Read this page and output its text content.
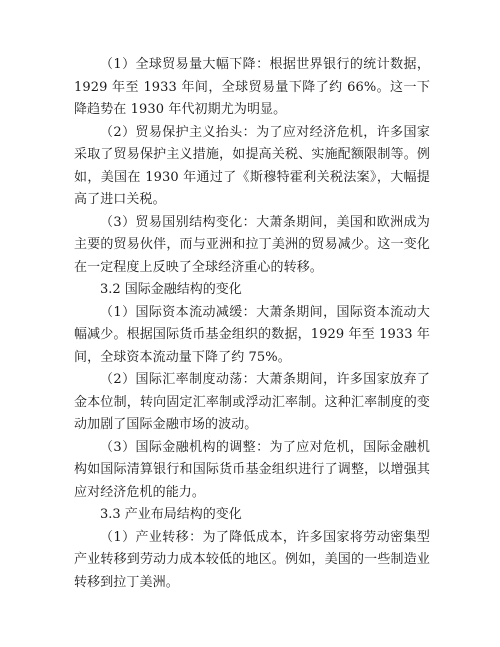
（1）全球贸易量大幅下降：根据世界银行的统计数据，1929 年至 1933 年间，全球贸易量下降了约 66%。这一下降趋势在 1930 年代初期尤为明显。

（2）贸易保护主义抬头：为了应对经济危机，许多国家采取了贸易保护主义措施，如提高关税、实施配额限制等。例如，美国在 1930 年通过了《斯穆特霍利关税法案》，大幅提高了进口关税。

（3）贸易国别结构变化：大萧条期间，美国和欧洲成为主要的贸易伙伴，而与亚洲和拉丁美洲的贸易减少。这一变化在一定程度上反映了全球经济重心的转移。

3.2 国际金融结构的变化

（1）国际资本流动减缓：大萧条期间，国际资本流动大幅减少。根据国际货币基金组织的数据，1929 年至 1933 年间，全球资本流动量下降了约 75%。

（2）国际汇率制度动荡：大萧条期间，许多国家放弃了金本位制，转向固定汇率制或浮动汇率制。这种汇率制度的变动加剧了国际金融市场的波动。

（3）国际金融机构的调整：为了应对危机，国际金融机构如国际清算银行和国际货币基金组织进行了调整，以增强其应对经济危机的能力。

3.3 产业布局结构的变化

（1）产业转移：为了降低成本，许多国家将劳动密集型产业转移到劳动力成本较低的地区。例如，美国的一些制造业转移到拉丁美洲。
